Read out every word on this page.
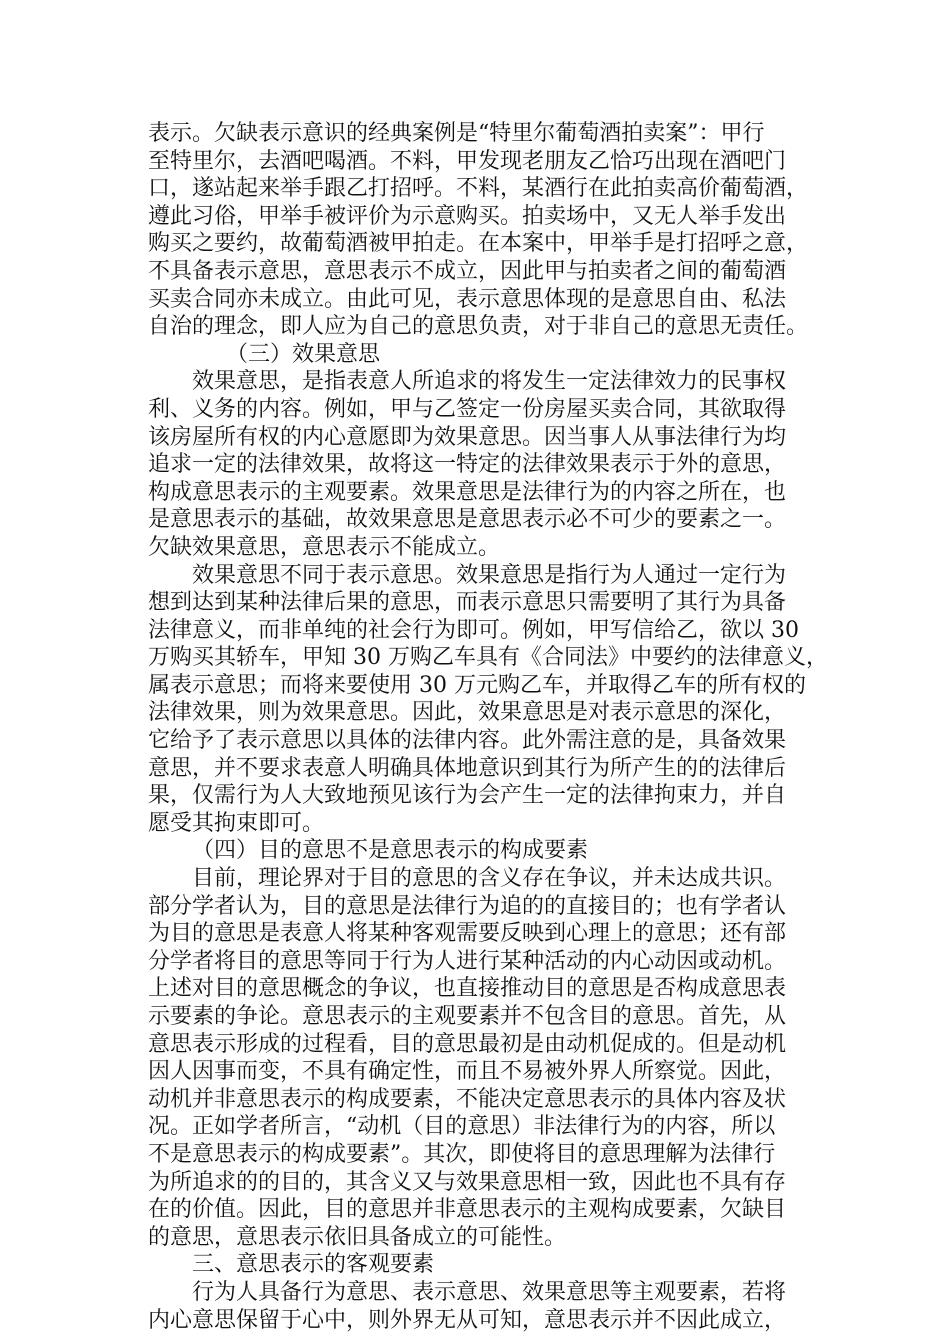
表示。欠缺表示意识的经典案例是“特里尔葡萄酒拍卖案”：甲行
至特里尔，去酒吧喝酒。不料，甲发现老朋友乙恰巧出现在酒吧门
口，遂站起来举手跟乙打招呼。不料，某酒行在此拍卖高价葡萄酒，
遵此习俗，甲举手被评价为示意购买。拍卖场中，又无人举手发出
购买之要约，故葡萄酒被甲拍走。在本案中，甲举手是打招呼之意，
不具备表示意思，意思表示不成立，因此甲与拍卖者之间的葡萄酒
买卖合同亦未成立。由此可见，表示意思体现的是意思自由、私法
自治的理念，即人应为自己的意思负责，对于非自己的意思无责任。
（三）效果意思
效果意思，是指表意人所追求的将发生一定法律效力的民事权
利、义务的内容。例如，甲与乙签定一份房屋买卖合同，其欲取得
该房屋所有权的内心意愿即为效果意思。因当事人从事法律行为均
追求一定的法律效果，故将这一特定的法律效果表示于外的意思，
构成意思表示的主观要素。效果意思是法律行为的内容之所在，也
是意思表示的基础，故效果意思是意思表示必不可少的要素之一。
欠缺效果意思，意思表示不能成立。
效果意思不同于表示意思。效果意思是指行为人通过一定行为
想到达到某种法律后果的意思，而表示意思只需要明了其行为具备
法律意义，而非单纯的社会行为即可。例如，甲写信给乙，欲以 30
万购买其轿车，甲知 30 万购乙车具有《合同法》中要约的法律意义，
属表示意思；而将来要使用 30 万元购乙车，并取得乙车的所有权的
法律效果，则为效果意思。因此，效果意思是对表示意思的深化，
它给予了表示意思以具体的法律内容。此外需注意的是，具备效果
意思，并不要求表意人明确具体地意识到其行为所产生的的法律后
果，仅需行为人大致地预见该行为会产生一定的法律拘束力，并自
愿受其拘束即可。
（四）目的意思不是意思表示的构成要素
目前，理论界对于目的意思的含义存在争议，并未达成共识。
部分学者认为，目的意思是法律行为追的的直接目的；也有学者认
为目的意思是表意人将某种客观需要反映到心理上的意思；还有部
分学者将目的意思等同于行为人进行某种活动的内心动因或动机。
上述对目的意思概念的争议，也直接推动目的意思是否构成意思表
示要素的争论。意思表示的主观要素并不包含目的意思。首先，从
意思表示形成的过程看，目的意思最初是由动机促成的。但是动机
因人因事而变，不具有确定性，而且不易被外界人所察觉。因此，
动机并非意思表示的构成要素，不能决定意思表示的具体内容及状
况。正如学者所言，“动机（目的意思）非法律行为的内容，所以
不是意思表示的构成要素”。其次，即使将目的意思理解为法律行
为所追求的的目的，其含义又与效果意思相一致，因此也不具有存
在的价值。因此，目的意思并非意思表示的主观构成要素，欠缺目
的意思，意思表示依旧具备成立的可能性。
三、意思表示的客观要素
行为人具备行为意思、表示意思、效果意思等主观要素，若将
内心意思保留于心中，则外界无从可知，意思表示并不因此成立，
